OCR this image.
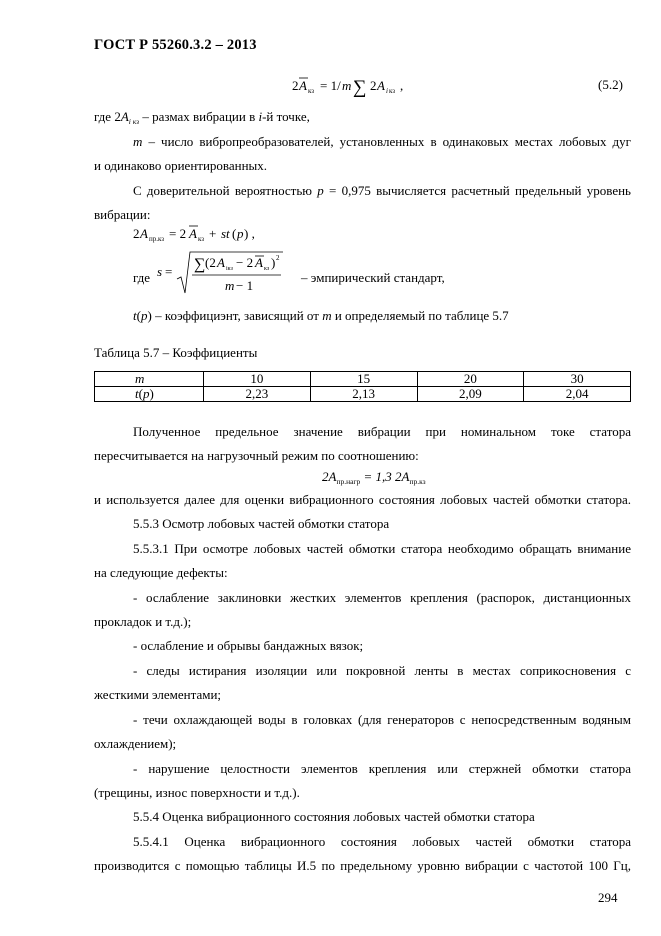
ГОСТ Р 55260.3.2 – 2013
2 A кз = 1/ m ∑ 2 A i кз ,	(5.2)
где $2A_{i кз}$ – размах вибрации в i-й точке,
m – число вибропреобразователей, установленных в одинаковых местах лобовых дуг
и одинаково ориентированных.
С доверительной вероятностью p = 0,975 вычисляется расчетный предельный уровень
вибрации:
2 A пр.кз = 2 A кз + st ( p ) ,
где s = ∑ (2 A ікз − 2 A кз ) 2
m − 1
– эмпирический стандарт,
t(p) – коэффициэнт, зависящий от m и определяемый по таблице 5.7
Таблица 5.7 – Коэффициенты
m	10	15	20	30
t(p)	2,23	2,13	2,09	2,04
Полученное предельное значение вибрации при номинальном токе статора
пересчитывается на нагрузочный режим по соотношению:
$2A_{пр.нагр} = 1,3$ $2A_{пр.кз}$
и используется далее для оценки вибрационного состояния лобовых частей обмотки статора.
5.5.3 Осмотр лобовых частей обмотки статора
5.5.3.1 При осмотре лобовых частей обмотки статора необходимо обращать внимание
на следующие дефекты:
- ослабление заклиновки жестких элементов крепления (распорок, дистанционных
прокладок и т.д.);
- ослабление и обрывы бандажных вязок;
- следы истирания изоляции или покровной ленты в местах соприкосновения с
жесткими элементами;
- течи охлаждающей воды в головках (для генераторов с непосредственным водяным
охлаждением);
- нарушение целостности элементов крепления или стержней обмотки статора
(трещины, износ поверхности и т.д.).
5.5.4 Оценка вибрационного состояния лобовых частей обмотки статора
5.5.4.1 Оценка вибрационного состояния лобовых частей обмотки статора
производится с помощью таблицы И.5 по предельному уровню вибрации с частотой 100 Гц,
294
